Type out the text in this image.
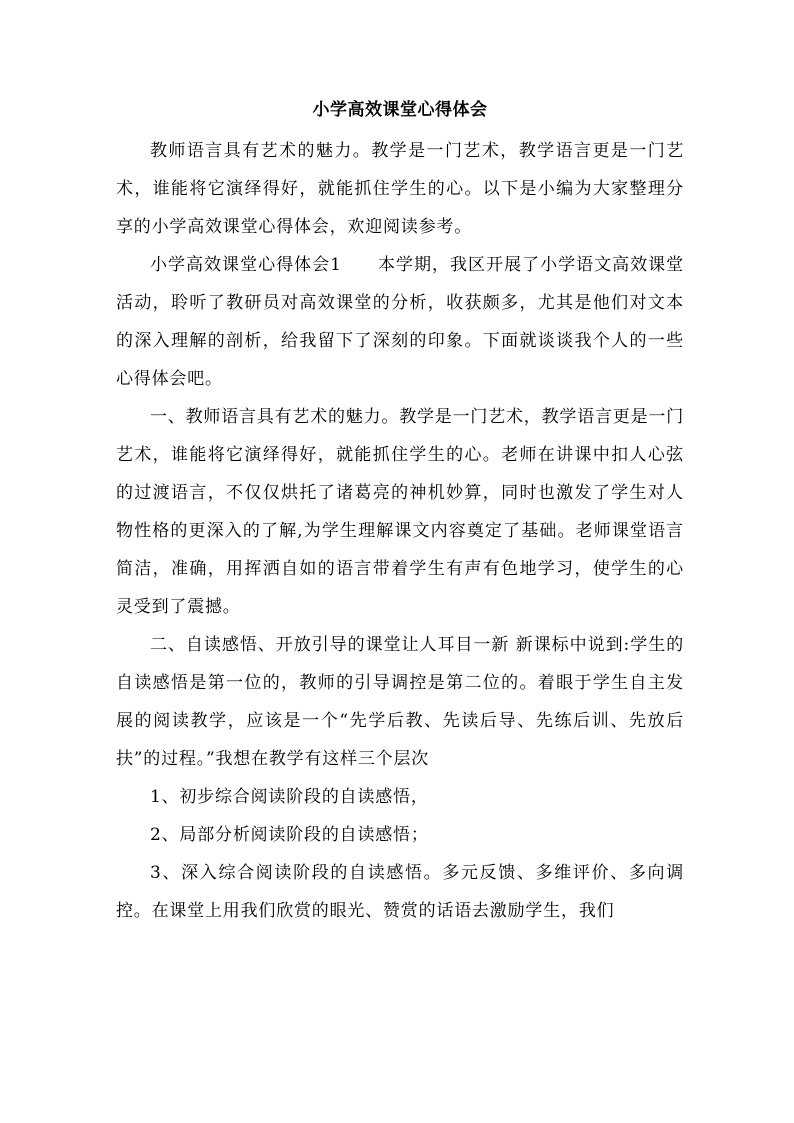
小学高效课堂心得体会

教师语言具有艺术的魅力。教学是一门艺术，教学语言更是一门艺术，谁能将它演绎得好，就能抓住学生的心。以下是小编为大家整理分享的小学高效课堂心得体会，欢迎阅读参考。

小学高效课堂心得体会1　　本学期，我区开展了小学语文高效课堂活动，聆听了教研员对高效课堂的分析，收获颇多，尤其是他们对文本的深入理解的剖析，给我留下了深刻的印象。下面就谈谈我个人的一些心得体会吧。

一、教师语言具有艺术的魅力。教学是一门艺术，教学语言更是一门艺术，谁能将它演绎得好，就能抓住学生的心。老师在讲课中扣人心弦的过渡语言，不仅仅烘托了诸葛亮的神机妙算，同时也激发了学生对人物性格的更深入的了解,为学生理解课文内容奠定了基础。老师课堂语言简洁，准确，用挥洒自如的语言带着学生有声有色地学习，使学生的心灵受到了震撼。

二、自读感悟、开放引导的课堂让人耳目一新 新课标中说到:学生的自读感悟是第一位的，教师的引导调控是第二位的。着眼于学生自主发展的阅读教学，应该是一个“先学后教、先读后导、先练后训、先放后扶”的过程。”我想在教学有这样三个层次

1、初步综合阅读阶段的自读感悟，

2、局部分析阅读阶段的自读感悟；

3、深入综合阅读阶段的自读感悟。多元反馈、多维评价、多向调控。在课堂上用我们欣赏的眼光、赞赏的话语去激励学生，我们
